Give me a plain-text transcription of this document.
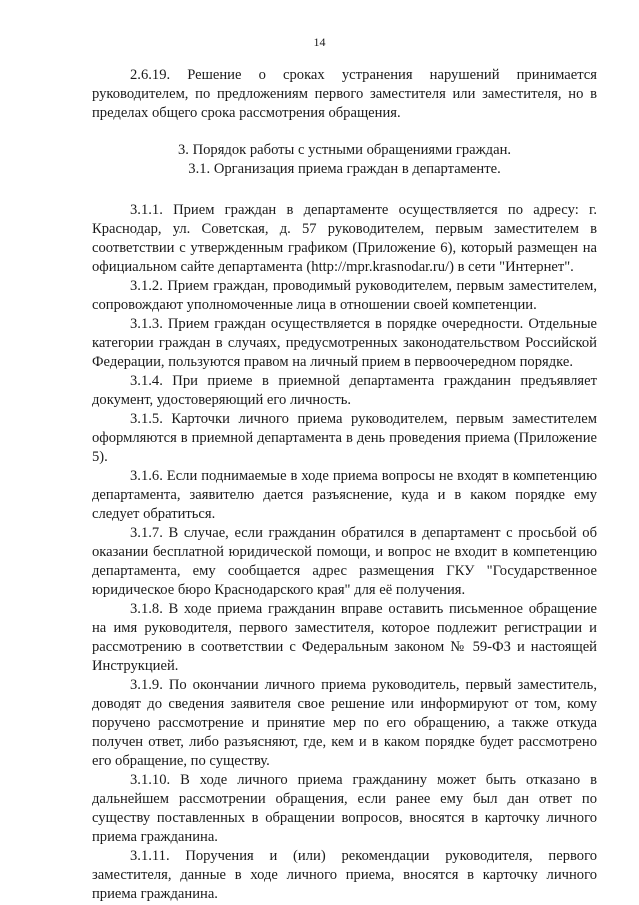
14

2.6.19. Решение о сроках устранения нарушений принимается руководителем, по предложениям первого заместителя или заместителя, но в пределах общего срока рассмотрения обращения.

3. Порядок работы с устными обращениями граждан.

3.1. Организация приема граждан в департаменте.

3.1.1. Прием граждан в департаменте осуществляется по адресу: г. Краснодар, ул. Советская, д. 57 руководителем, первым заместителем в соответствии с утвержденным графиком (Приложение 6), который размещен на официальном сайте департамента (http://mpr.krasnodar.ru/) в сети "Интернет".

3.1.2. Прием граждан, проводимый руководителем, первым заместителем, сопровождают уполномоченные лица в отношении своей компетенции.

3.1.3. Прием граждан осуществляется в порядке очередности. Отдельные категории граждан в случаях, предусмотренных законодательством Российской Федерации, пользуются правом на личный прием в первоочередном порядке.

3.1.4. При приеме в приемной департамента гражданин предъявляет документ, удостоверяющий его личность.

3.1.5. Карточки личного приема руководителем, первым заместителем оформляются в приемной департамента в день проведения приема (Приложение 5).

3.1.6. Если поднимаемые в ходе приема вопросы не входят в компетенцию департамента, заявителю дается разъяснение, куда и в каком порядке ему следует обратиться.

3.1.7. В случае, если гражданин обратился в департамент с просьбой об оказании бесплатной юридической помощи, и вопрос не входит в компетенцию департамента, ему сообщается адрес размещения ГКУ "Государственное юридическое бюро Краснодарского края" для её получения.

3.1.8. В ходе приема гражданин вправе оставить письменное обращение на имя руководителя, первого заместителя, которое подлежит регистрации и рассмотрению в соответствии с Федеральным законом № 59-ФЗ и настоящей Инструкцией.

3.1.9. По окончании личного приема руководитель, первый заместитель, доводят до сведения заявителя свое решение или информируют от том, кому поручено рассмотрение и принятие мер по его обращению, а также откуда получен ответ, либо разъясняют, где, кем и в каком порядке будет рассмотрено его обращение, по существу.

3.1.10. В ходе личного приема гражданину может быть отказано в дальнейшем рассмотрении обращения, если ранее ему был дан ответ по существу поставленных в обращении вопросов, вносятся в карточку личного приема гражданина.

3.1.11. Поручения и (или) рекомендации руководителя, первого заместителя, данные в ходе личного приема, вносятся в карточку личного приема гражданина.
